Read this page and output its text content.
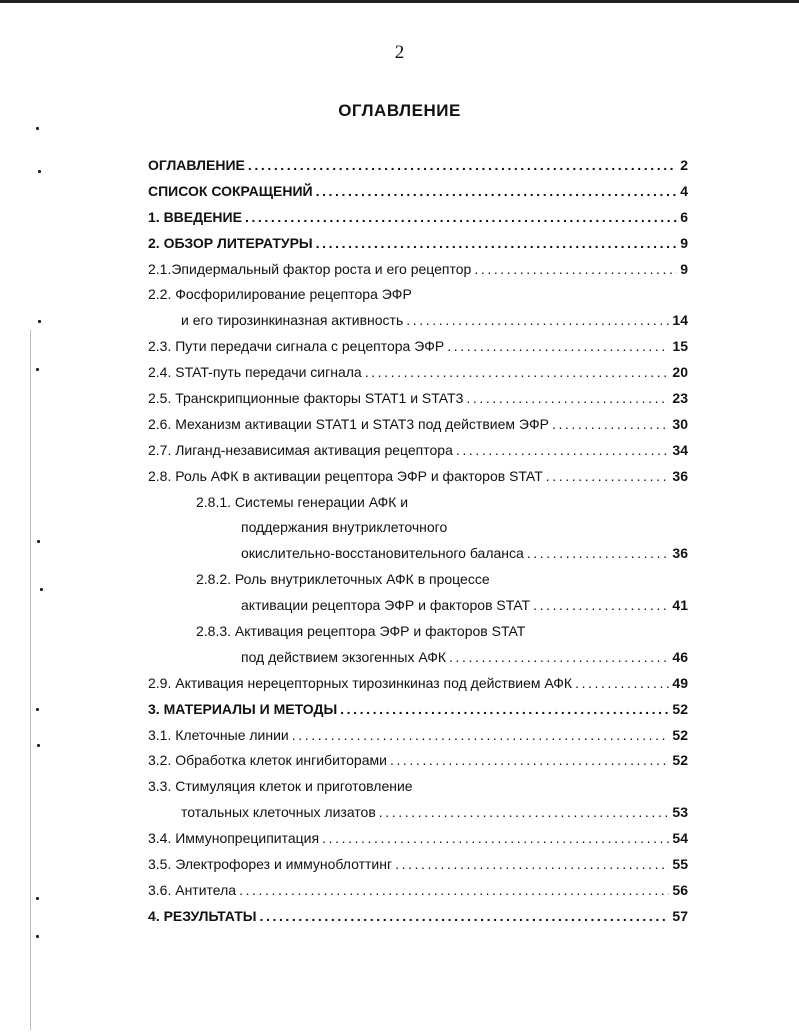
2
ОГЛАВЛЕНИЕ
ОГЛАВЛЕНИЕ .....	2
СПИСОК СОКРАЩЕНИЙ .....	4
1. ВВЕДЕНИЕ .....	6
2. ОБЗОР ЛИТЕРАТУРЫ .....	9
2.1.Эпидермальный фактор роста и его рецептор .....	9
2.2. Фосфорилирование рецептора ЭФР
и его тирозинкиназная активность .....	14
2.3. Пути передачи сигнала с рецептора ЭФР .....	15
2.4. STAT-путь передачи сигнала .....	20
2.5. Транскрипционные факторы STAT1 и STAT3 .....	23
2.6. Механизм активации STAT1 и STAT3 под действием ЭФР .....	30
2.7. Лиганд-независимая активация рецептора .....	34
2.8. Роль АФК в активации рецептора ЭФР и факторов STAT .....	36
2.8.1. Системы генерации АФК и
поддержания внутриклеточного
окислительно-восстановительного баланса .....	36
2.8.2. Роль внутриклеточных АФК в процессе
активации рецептора ЭФР и факторов STAT .....	41
2.8.3. Активация рецептора ЭФР и факторов STAT
под действием экзогенных АФК .....	46
2.9. Активация нерецепторных тирозинкиназ под действием АФК .....	49
3. МАТЕРИАЛЫ И МЕТОДЫ .....	52
3.1. Клеточные линии .....	52
3.2. Обработка клеток ингибиторами .....	52
3.3. Стимуляция клеток и приготовление
тотальных клеточных лизатов .....	53
3.4. Иммунопреципитация .....	54
3.5. Электрофорез и иммуноблоттинг .....	55
3.6. Антитела .....	56
4. РЕЗУЛЬТАТЫ .....	57
